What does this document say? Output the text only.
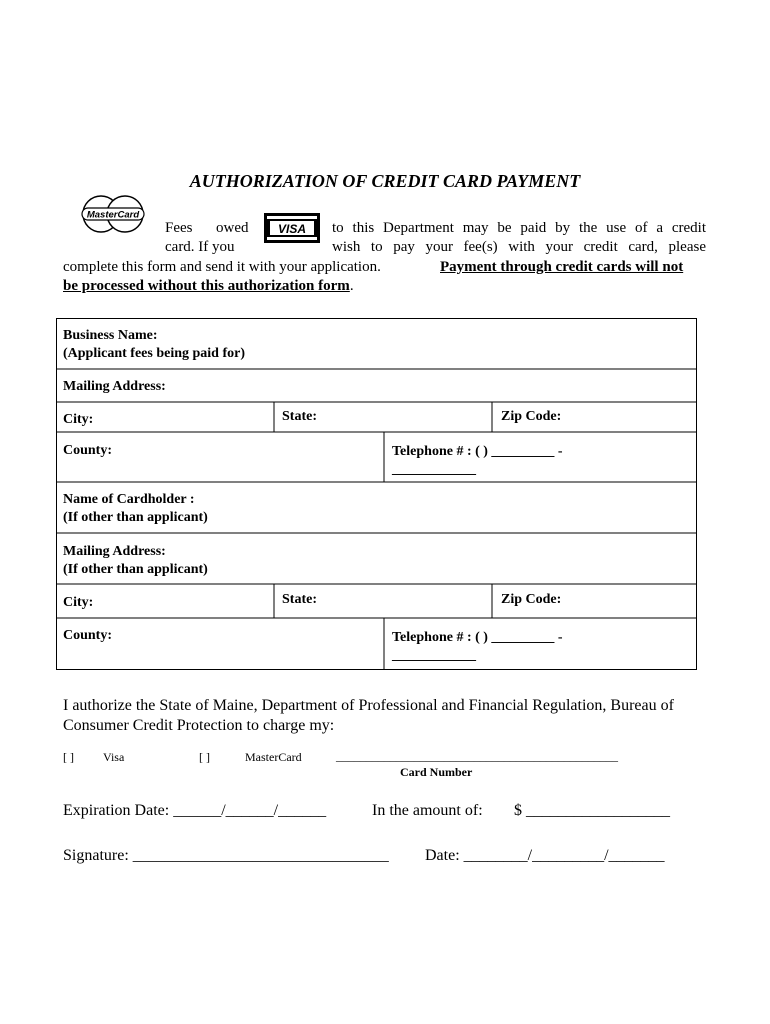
AUTHORIZATION OF CREDIT CARD PAYMENT
MasterCard
VISA
Fees owed	to this Department may be paid by the use of a credit
card. If you	wish to pay your fee(s) with your credit card, please
complete this form and send it with your application.	Payment through credit cards will not
be processed without this authorization form.
Business Name:
(Applicant fees being paid for)
Mailing Address:
City:	State:	Zip Code:
County:	Telephone # : ( ) _________ -
____________
Name of Cardholder :
(If other than applicant)
Mailing Address:
(If other than applicant)
City:	State:	Zip Code:
County:	Telephone # : ( ) _________ -
____________
I authorize the State of Maine, Department of Professional and Financial Regulation, Bureau of
Consumer Credit Protection to charge my:
[ ] Visa	[ ]	MasterCard	_______________________________________________
Card Number
Expiration Date: ______/______/______	In the amount of: $ __________________
Signature: ________________________________ Date: ________/_________/_______
